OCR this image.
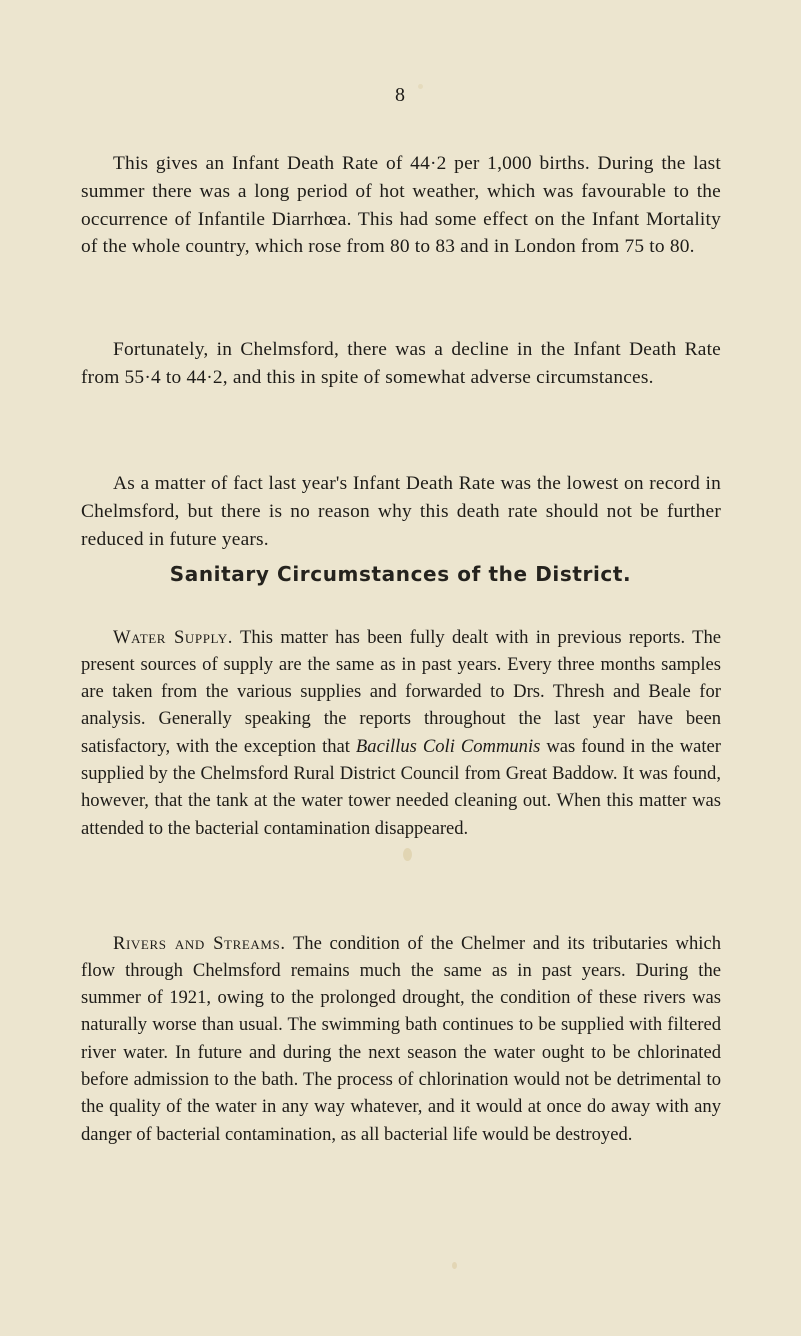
8

This gives an Infant Death Rate of 44·2 per 1,000 births. During the last summer there was a long period of hot weather, which was favourable to the occurrence of Infantile Diarrhœa. This had some effect on the Infant Mortality of the whole country, which rose from 80 to 83 and in London from 75 to 80.

Fortunately, in Chelmsford, there was a decline in the Infant Death Rate from 55·4 to 44·2, and this in spite of somewhat adverse circumstances.

As a matter of fact last year's Infant Death Rate was the lowest on record in Chelmsford, but there is no reason why this death rate should not be further reduced in future years.

Sanitary Circumstances of the District.

Water Supply. This matter has been fully dealt with in previous reports. The present sources of supply are the same as in past years. Every three months samples are taken from the various supplies and forwarded to Drs. Thresh and Beale for analysis. Generally speaking the reports throughout the last year have been satisfactory, with the exception that Bacillus Coli Communis was found in the water supplied by the Chelmsford Rural District Council from Great Baddow. It was found, however, that the tank at the water tower needed cleaning out. When this matter was attended to the bacterial contamination disappeared.

Rivers and Streams. The condition of the Chelmer and its tributaries which flow through Chelmsford remains much the same as in past years. During the summer of 1921, owing to the prolonged drought, the condition of these rivers was naturally worse than usual. The swimming bath continues to be supplied with filtered river water. In future and during the next season the water ought to be chlorinated before admission to the bath. The process of chlorination would not be detrimental to the quality of the water in any way whatever, and it would at once do away with any danger of bacterial contamination, as all bacterial life would be destroyed.
